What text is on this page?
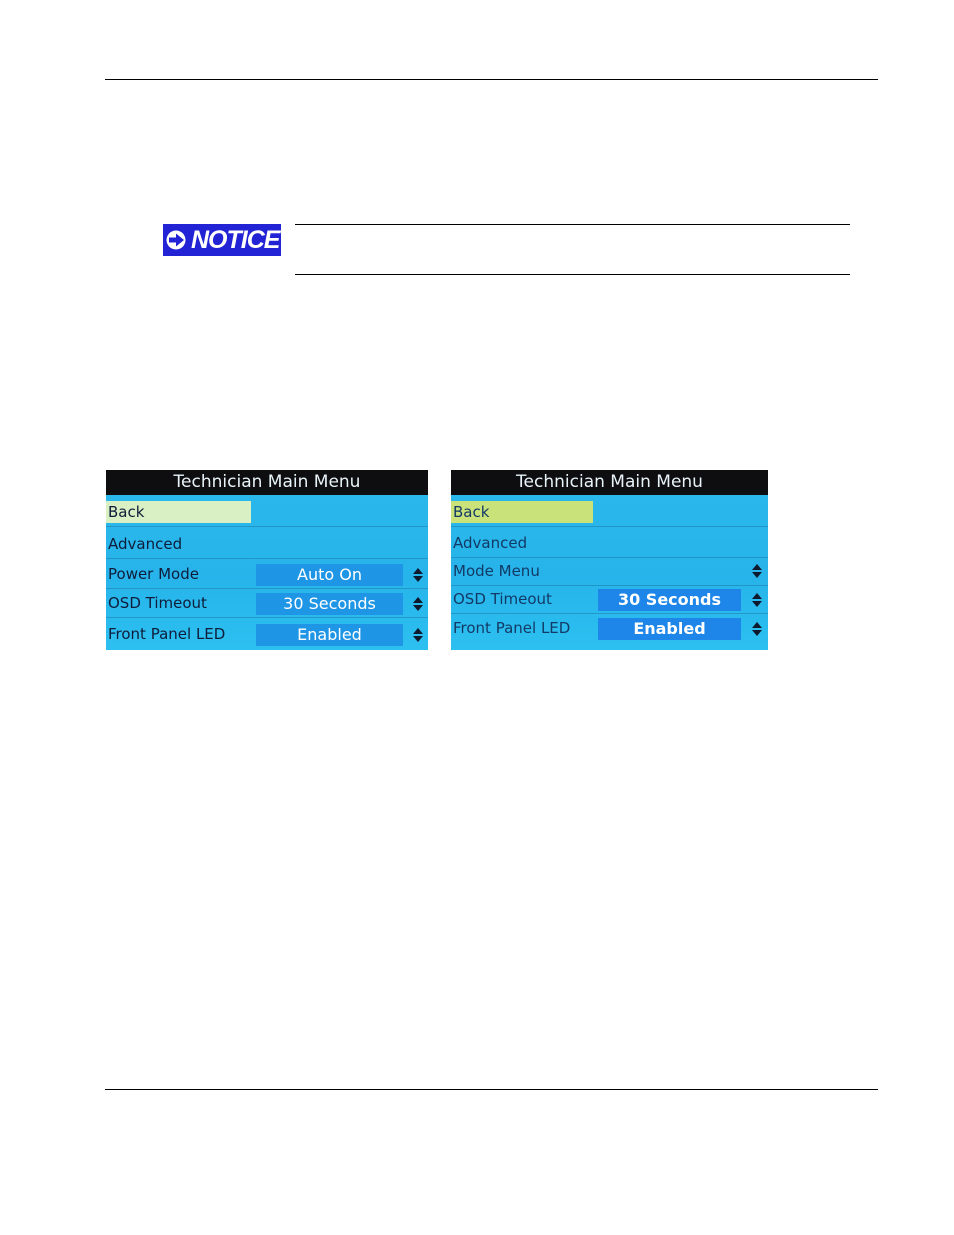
NOTICE
Technician Main Menu
Back
Advanced
Power Mode	Auto On
OSD Timeout	30 Seconds
Front Panel LED	Enabled
Technician Main Menu
Back
Advanced
Mode Menu
OSD Timeout	30 Seconds
Front Panel LED	Enabled
